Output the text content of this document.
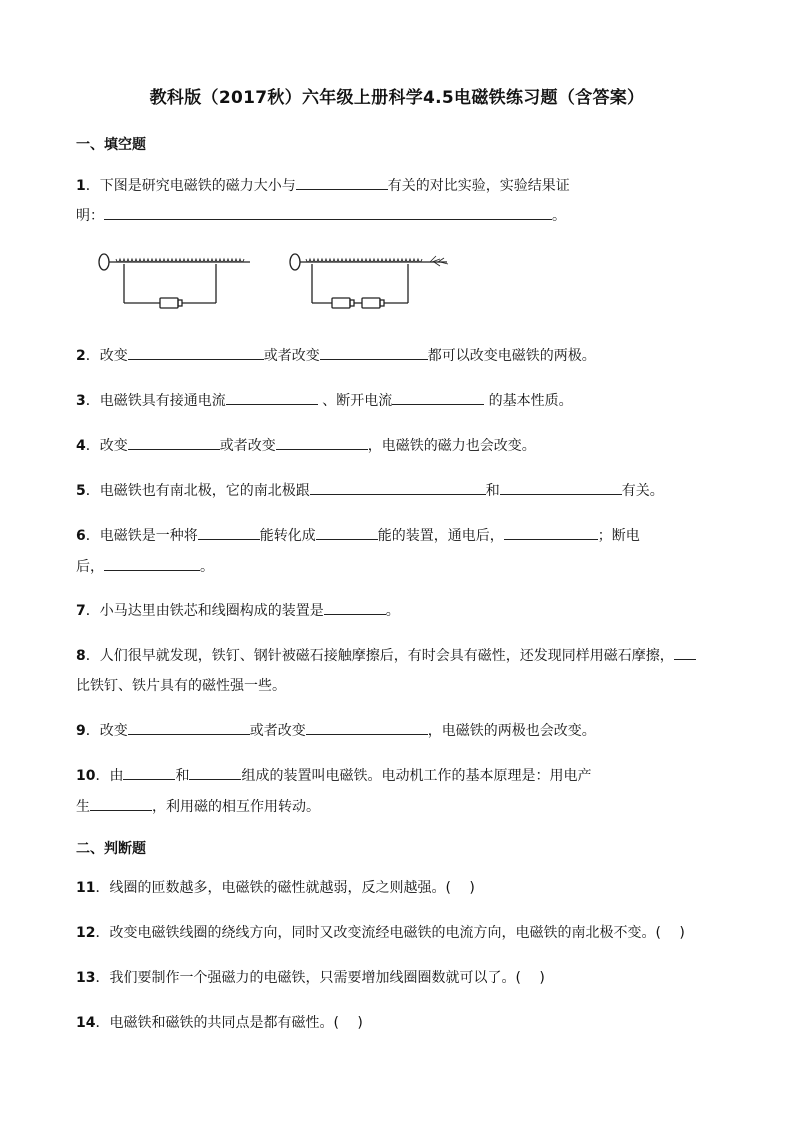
教科版（2017秋）六年级上册科学4.5电磁铁练习题（含答案）
一、填空题
1．下图是研究电磁铁的磁力大小与	有关的对比实验，实验结果证
明：	。
2．改变	或者改变	都可以改变电磁铁的两极。
3．电磁铁具有接通电流	、断开电流	的基本性质。
4．改变	或者改变	，电磁铁的磁力也会改变。
5．电磁铁也有南北极，它的南北极跟	和	有关。
6．电磁铁是一种将	能转化成	能的装置，通电后，	；断电
后，	。
7．小马达里由铁芯和线圈构成的装置是	。
8．人们很早就发现，铁钉、钢针被磁石接触摩擦后，有时会具有磁性，还发现同样用磁石摩擦，
比铁钉、铁片具有的磁性强一些。
9．改变	或者改变	，电磁铁的两极也会改变。
10．由	和	组成的装置叫电磁铁。电动机工作的基本原理是：用电产
生	，利用磁的相互作用转动。
二、判断题
11．线圈的匝数越多，电磁铁的磁性就越弱，反之则越强。(　 )
12．改变电磁铁线圈的绕线方向，同时又改变流经电磁铁的电流方向，电磁铁的南北极不变。(　 )
13．我们要制作一个强磁力的电磁铁，只需要增加线圈圈数就可以了。(　 )
14．电磁铁和磁铁的共同点是都有磁性。(　 )
